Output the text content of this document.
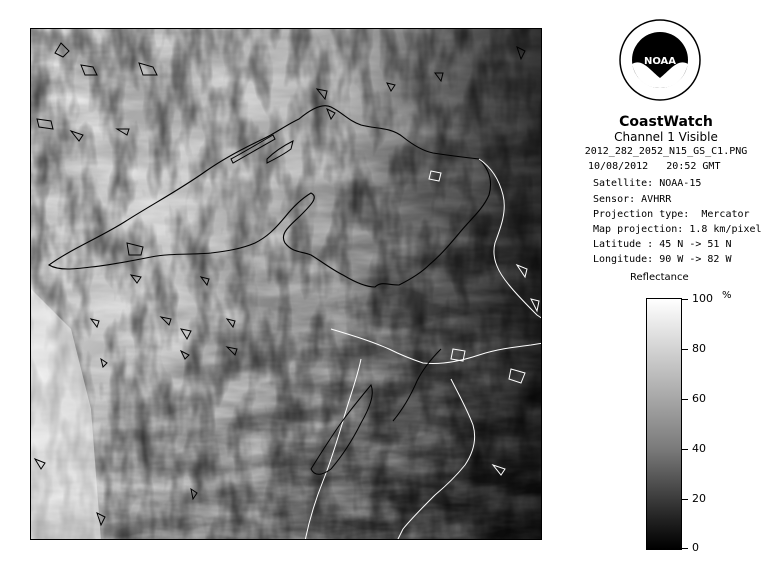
NOAA
CoastWatch
Channel 1 Visible
2012_282_2052_N15_GS_C1.PNG
10/08/2012 20:52 GMT
Satellite: NOAA-15
Sensor: AVHRR
Projection type:  Mercator
Map projection: 1.8 km/pixel
Latitude : 45 N -> 51 N
Longitude: 90 W -> 82 W
Reflectance
%
100
80
60
40
20
0
